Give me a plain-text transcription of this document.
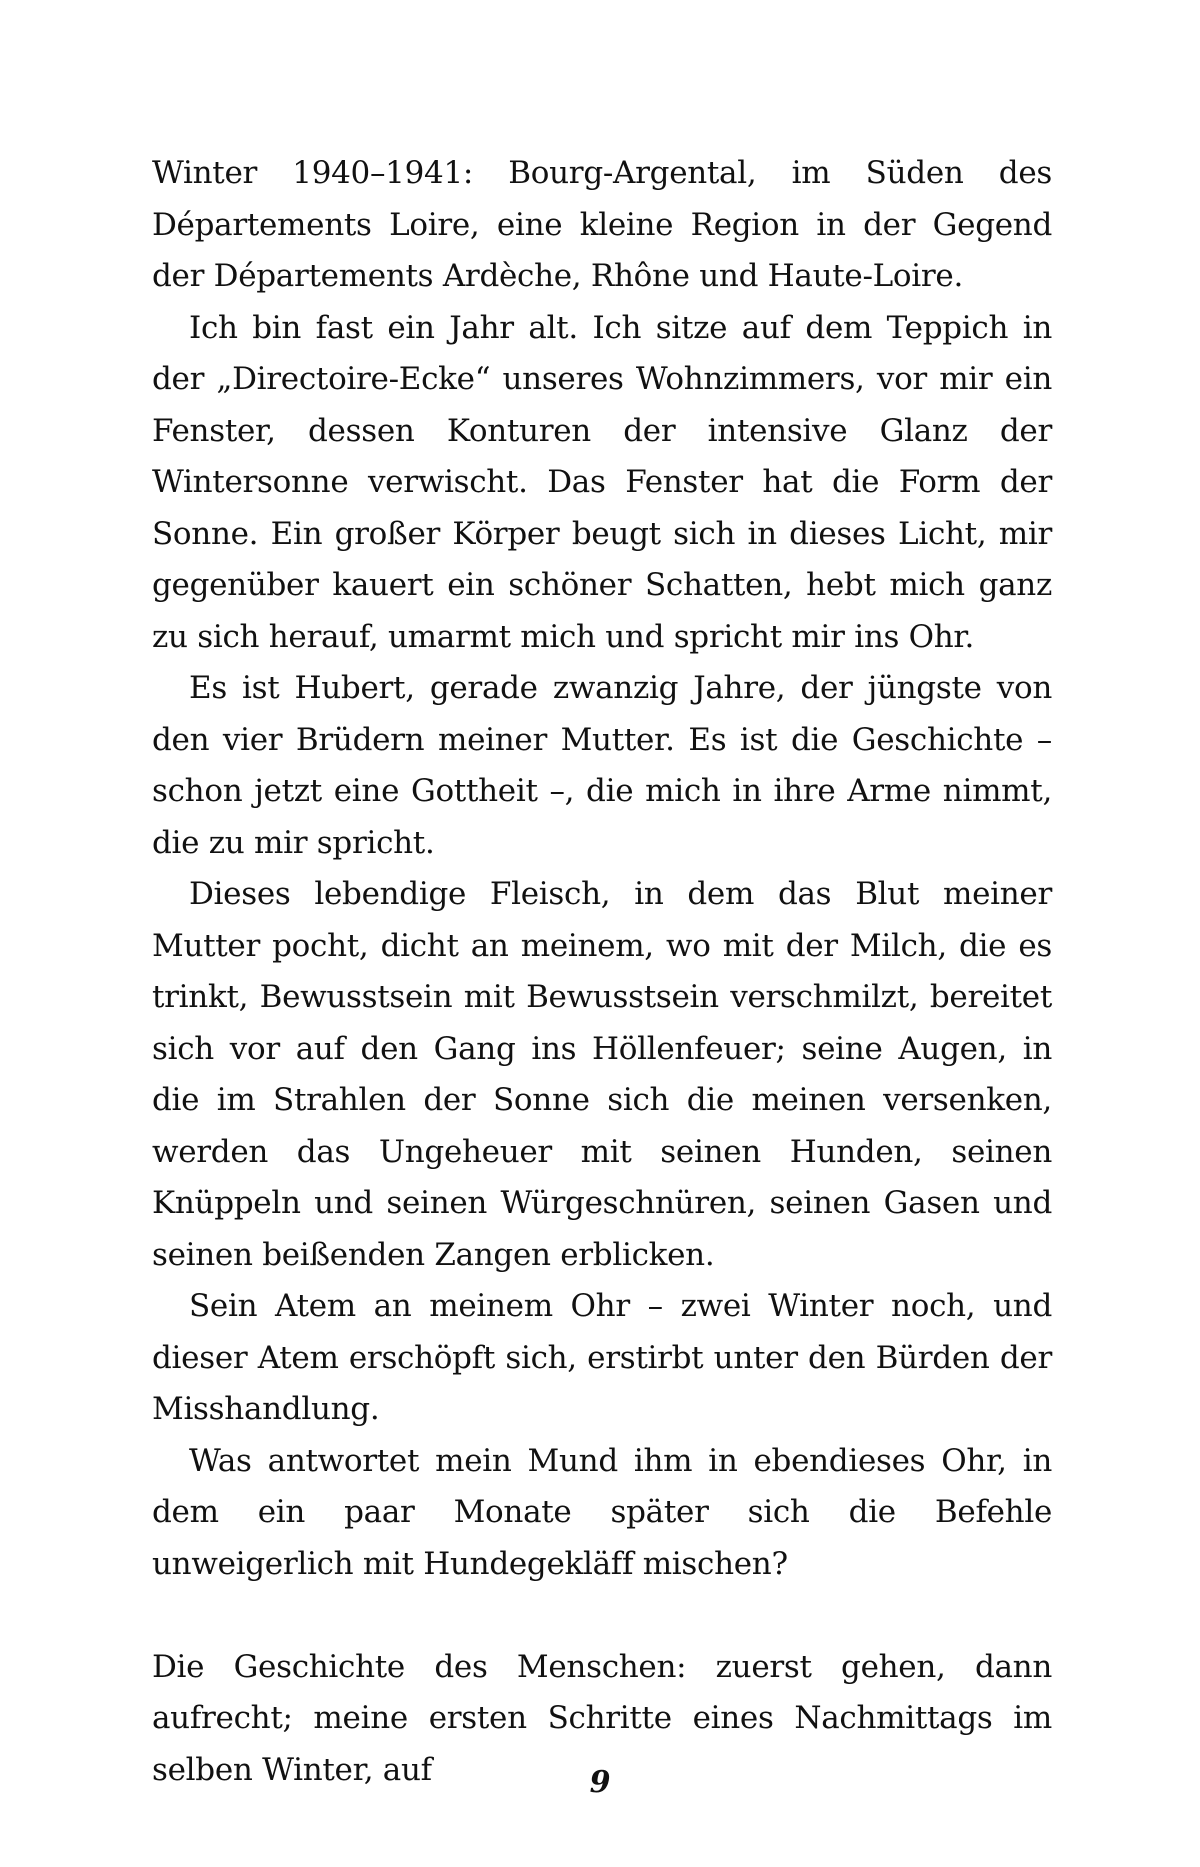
Winter 1940–1941: Bourg-Argental, im Süden des Départements Loire, eine kleine Region in der Gegend der Départements Ardèche, Rhône und Haute-Loire.

Ich bin fast ein Jahr alt. Ich sitze auf dem Teppich in der „Directoire-Ecke“ unseres Wohnzimmers, vor mir ein Fenster, dessen Konturen der intensive Glanz der Wintersonne verwischt. Das Fenster hat die Form der Sonne. Ein großer Körper beugt sich in dieses Licht, mir gegenüber kauert ein schöner Schatten, hebt mich ganz zu sich herauf, umarmt mich und spricht mir ins Ohr.

Es ist Hubert, gerade zwanzig Jahre, der jüngste von den vier Brüdern meiner Mutter. Es ist die Geschichte – schon jetzt eine Gottheit –, die mich in ihre Arme nimmt, die zu mir spricht.

Dieses lebendige Fleisch, in dem das Blut meiner Mutter pocht, dicht an meinem, wo mit der Milch, die es trinkt, Bewusstsein mit Bewusstsein verschmilzt, bereitet sich vor auf den Gang ins Höllenfeuer; seine Augen, in die im Strahlen der Sonne sich die meinen versenken, werden das Ungeheuer mit seinen Hunden, seinen Knüppeln und seinen Würgeschnüren, seinen Gasen und seinen beißenden Zangen erblicken.

Sein Atem an meinem Ohr – zwei Winter noch, und dieser Atem erschöpft sich, erstirbt unter den Bürden der Misshandlung.

Was antwortet mein Mund ihm in ebendieses Ohr, in dem ein paar Monate später sich die Befehle unweigerlich mit Hundegekläff mischen?

Die Geschichte des Menschen: zuerst gehen, dann aufrecht; meine ersten Schritte eines Nachmittags im selben Winter, auf	9
